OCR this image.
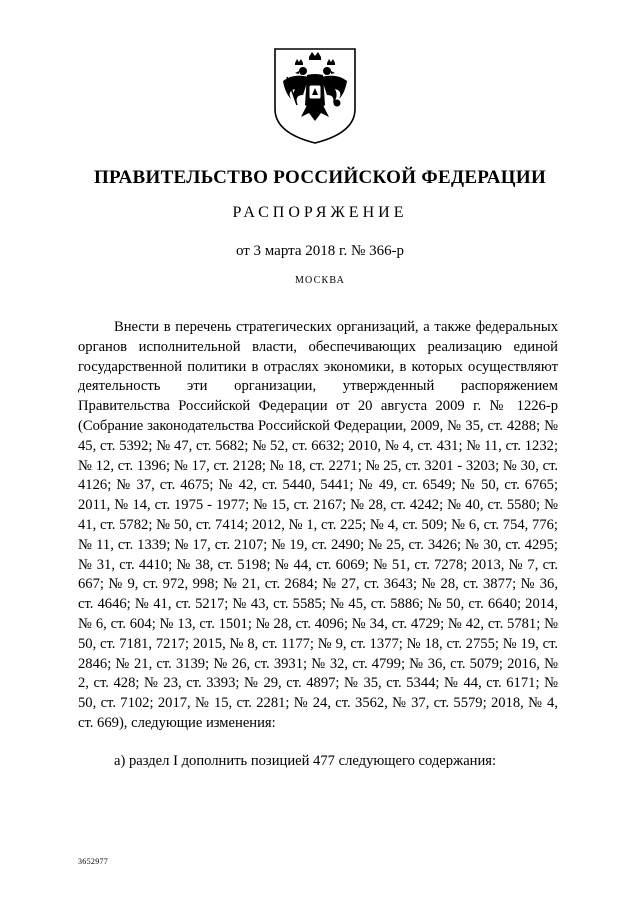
ПРАВИТЕЛЬСТВО РОССИЙСКОЙ ФЕДЕРАЦИИ
РАСПОРЯЖЕНИЕ
от 3 марта 2018 г. № 366-р
МОСКВА
Внести в перечень стратегических организаций, а также федеральных органов исполнительной власти, обеспечивающих реализацию единой государственной политики в отраслях экономики, в которых осуществляют деятельность эти организации, утвержденный распоряжением Правительства Российской Федерации от 20 августа 2009 г. № 1226-р (Собрание законодательства Российской Федерации, 2009, № 35, ст. 4288; № 45, ст. 5392; № 47, ст. 5682; № 52, ст. 6632; 2010, № 4, ст. 431; № 11, ст. 1232; № 12, ст. 1396; № 17, ст. 2128; № 18, ст. 2271; № 25, ст. 3201 - 3203; № 30, ст. 4126; № 37, ст. 4675; № 42, ст. 5440, 5441; № 49, ст. 6549; № 50, ст. 6765; 2011, № 14, ст. 1975 - 1977; № 15, ст. 2167; № 28, ст. 4242; № 40, ст. 5580; № 41, ст. 5782; № 50, ст. 7414; 2012, № 1, ст. 225; № 4, ст. 509; № 6, ст. 754, 776; № 11, ст. 1339; № 17, ст. 2107; № 19, ст. 2490; № 25, ст. 3426; № 30, ст. 4295; № 31, ст. 4410; № 38, ст. 5198; № 44, ст. 6069; № 51, ст. 7278; 2013, № 7, ст. 667; № 9, ст. 972, 998; № 21, ст. 2684; № 27, ст. 3643; № 28, ст. 3877; № 36, ст. 4646; № 41, ст. 5217; № 43, ст. 5585; № 45, ст. 5886; № 50, ст. 6640; 2014, № 6, ст. 604; № 13, ст. 1501; № 28, ст. 4096; № 34, ст. 4729; № 42, ст. 5781; № 50, ст. 7181, 7217; 2015, № 8, ст. 1177; № 9, ст. 1377; № 18, ст. 2755; № 19, ст. 2846; № 21, ст. 3139; № 26, ст. 3931; № 32, ст. 4799; № 36, ст. 5079; 2016, № 2, ст. 428; № 23, ст. 3393; № 29, ст. 4897; № 35, ст. 5344; № 44, ст. 6171; № 50, ст. 7102; 2017, № 15, ст. 2281; № 24, ст. 3562, № 37, ст. 5579; 2018, № 4, ст. 669), следующие изменения:
а) раздел I дополнить позицией 477 следующего содержания:
3652977
